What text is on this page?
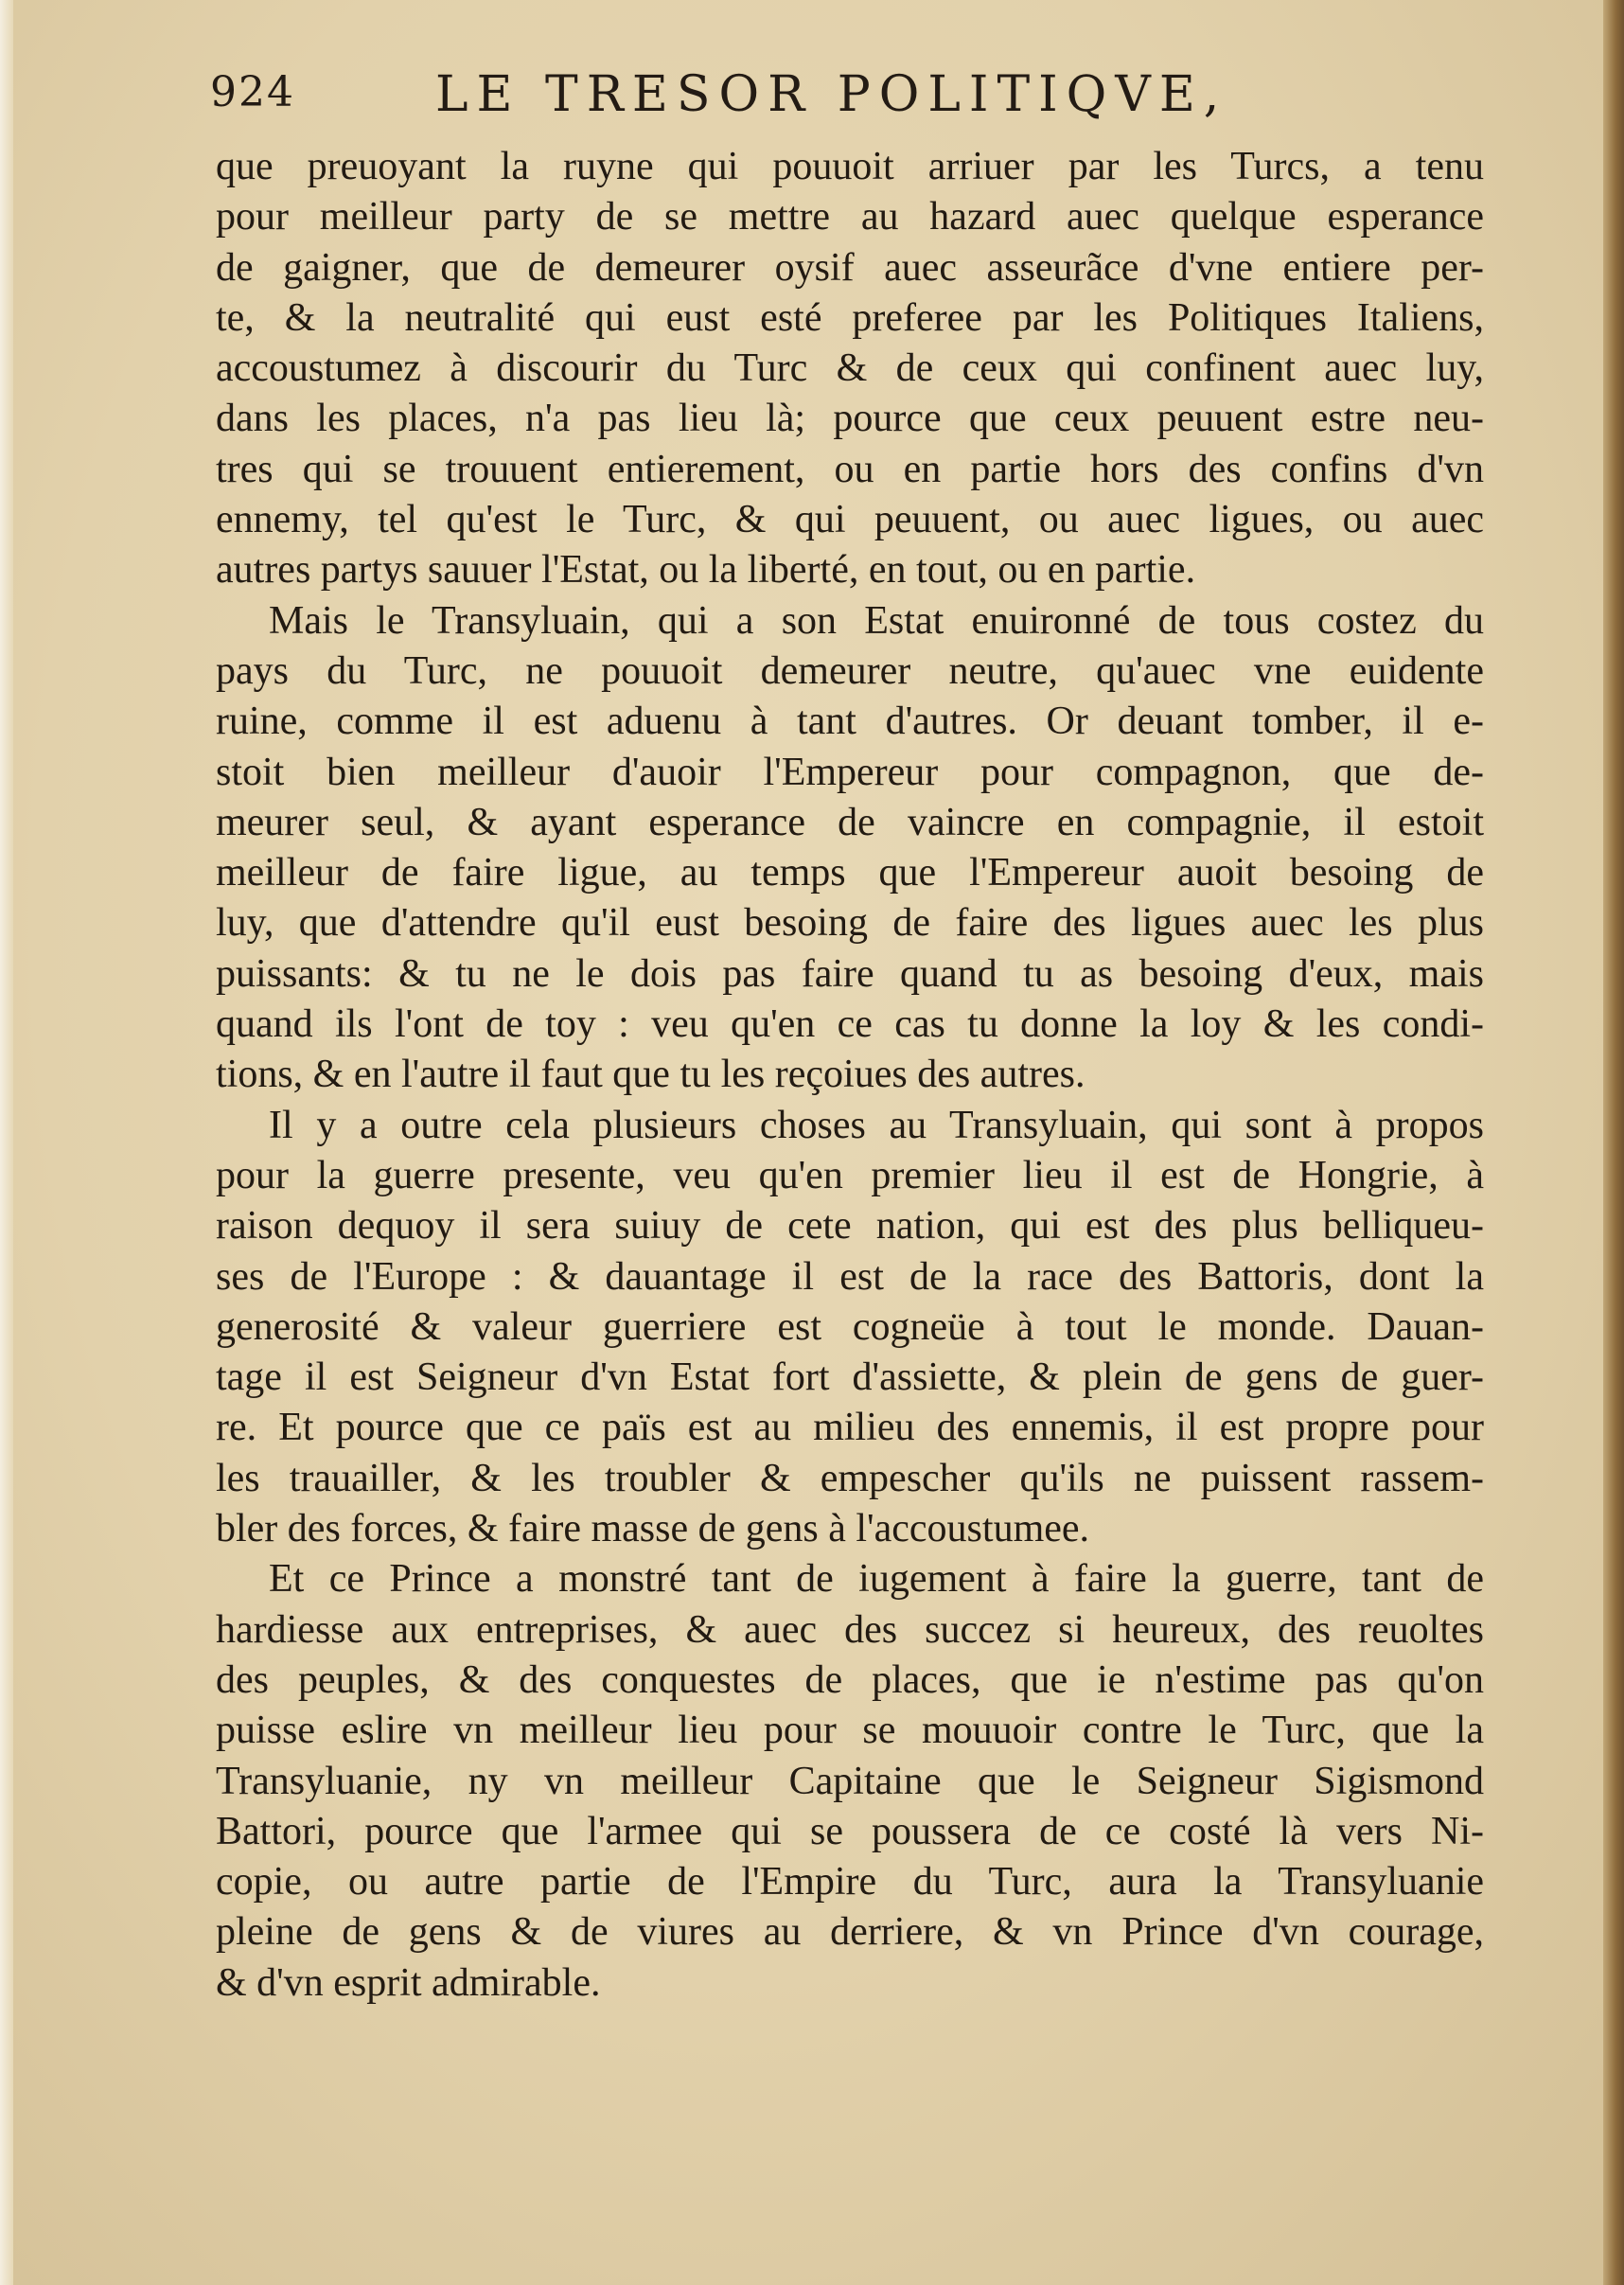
924	LE TRESOR POLITIQVE,
que preuoyant la ruyne qui pouuoit arriuer par les Turcs, a tenu
pour meilleur party de se mettre au hazard auec quelque esperance
de gaigner, que de demeurer oysif auec asseurãce d'vne entiere per-
te, & la neutralité qui eust esté preferee par les Politiques Italiens,
accoustumez à discourir du Turc & de ceux qui confinent auec luy,
dans les places, n'a pas lieu là; pource que ceux peuuent estre neu-
tres qui se trouuent entierement, ou en partie hors des confins d'vn
ennemy, tel qu'est le Turc, & qui peuuent, ou auec ligues, ou auec
autres partys sauuer l'Estat, ou la liberté, en tout, ou en partie.
Mais le Transyluain, qui a son Estat enuironné de tous costez du
pays du Turc, ne pouuoit demeurer neutre, qu'auec vne euidente
ruine, comme il est aduenu à tant d'autres. Or deuant tomber, il e-
stoit bien meilleur d'auoir l'Empereur pour compagnon, que de-
meurer seul, & ayant esperance de vaincre en compagnie, il estoit
meilleur de faire ligue, au temps que l'Empereur auoit besoing de
luy, que d'attendre qu'il eust besoing de faire des ligues auec les plus
puissants: & tu ne le dois pas faire quand tu as besoing d'eux, mais
quand ils l'ont de toy : veu qu'en ce cas tu donne la loy & les condi-
tions, & en l'autre il faut que tu les reçoiues des autres.
Il y a outre cela plusieurs choses au Transyluain, qui sont à propos
pour la guerre presente, veu qu'en premier lieu il est de Hongrie, à
raison dequoy il sera suiuy de cete nation, qui est des plus belliqueu-
ses de l'Europe : & dauantage il est de la race des Battoris, dont la
generosité & valeur guerriere est cogneüe à tout le monde. Dauan-
tage il est Seigneur d'vn Estat fort d'assiette, & plein de gens de guer-
re. Et pource que ce païs est au milieu des ennemis, il est propre pour
les trauailler, & les troubler & empescher qu'ils ne puissent rassem-
bler des forces, & faire masse de gens à l'accoustumee.
Et ce Prince a monstré tant de iugement à faire la guerre, tant de
hardiesse aux entreprises, & auec des succez si heureux, des reuoltes
des peuples, & des conquestes de places, que ie n'estime pas qu'on
puisse eslire vn meilleur lieu pour se mouuoir contre le Turc, que la
Transyluanie, ny vn meilleur Capitaine que le Seigneur Sigismond
Battori, pource que l'armee qui se poussera de ce costé là vers Ni-
copie, ou autre partie de l'Empire du Turc, aura la Transyluanie
pleine de gens & de viures au derriere, & vn Prince d'vn courage,
& d'vn esprit admirable.
